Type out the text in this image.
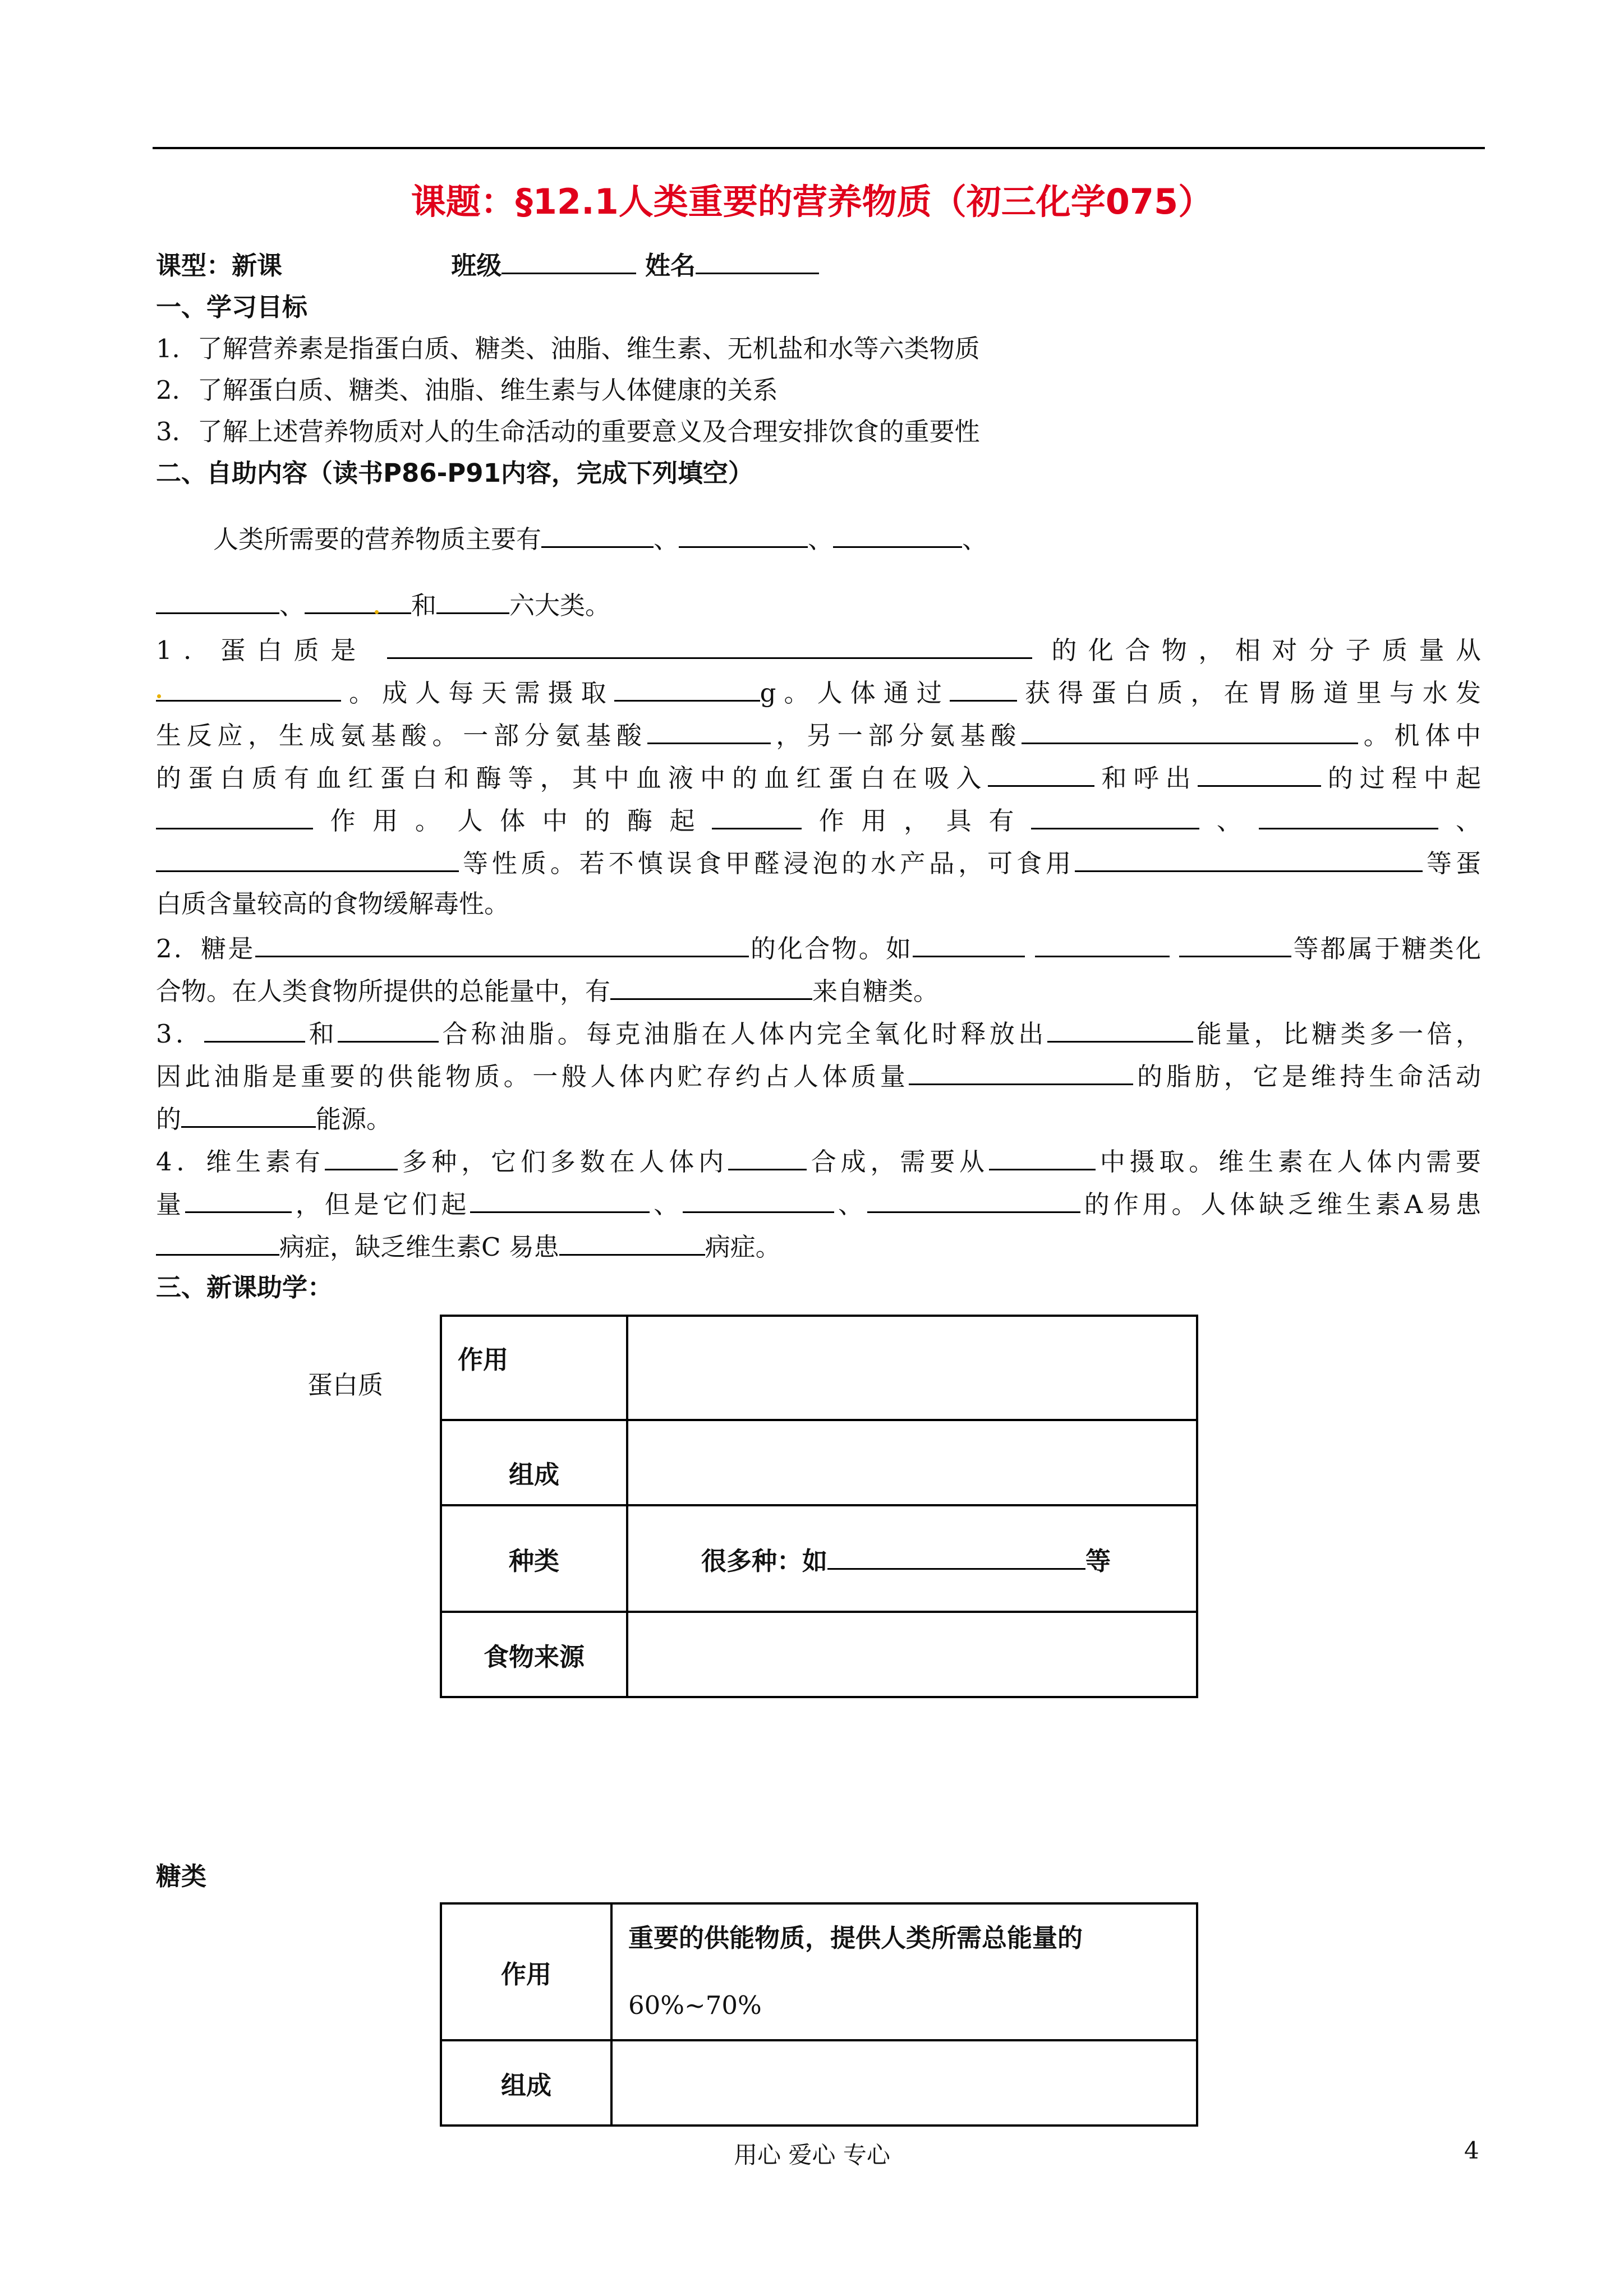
课题：§12.1人类重要的营养物质（初三化学075）
课型：新课	班级	姓名
一、学习目标
1．了解营养素是指蛋白质、糖类、油脂、维生素、无机盐和水等六类物质
2．了解蛋白质、糖类、油脂、维生素与人体健康的关系
3．了解上述营养物质对人的生命活动的重要意义及合理安排饮食的重要性
二、自助内容（读书P86-P91内容，完成下列填空）
人类所需要的营养物质主要有	、	、	、
、	和	六大类。
1．蛋白质是	的化合物，相对分子质量从
。成人每天需摄取	g。人体通过	获得蛋白质，在胃肠道里与水发
生反应，生成氨基酸。一部分氨基酸	，另一部分氨基酸	。机体中
的蛋白质有血红蛋白和酶等，其中血液中的血红蛋白在吸入	和呼出	的过程中起
作用。人体中的酶起	作用，具有	、	、
等性质。若不慎误食甲醛浸泡的水产品，可食用	等蛋
白质含量较高的食物缓解毒性。
2．糖是	的化合物。如	等都属于糖类化
合物。在人类食物所提供的总能量中，有	来自糖类。
3．	和	合称油脂。每克油脂在人体内完全氧化时释放出	能量，比糖类多一倍，
因此油脂是重要的供能物质。一般人体内贮存约占人体质量	的脂肪，它是维持生命活动
的	能源。
4．维生素有	多种，它们多数在人体内	合成，需要从	中摄取。维生素在人体内需要
量	，但是它们起	、	、	的作用。人体缺乏维生素A易患
病症，缺乏维生素C 易患	病症。
三、新课助学：
蛋白质
作用	
组成	
种类	很多种：如 等
食物来源	
糖类
作用	重要的供能物质，提供人类所需总能量的
60%~70%

组成	
用心 爱心 专心	4
